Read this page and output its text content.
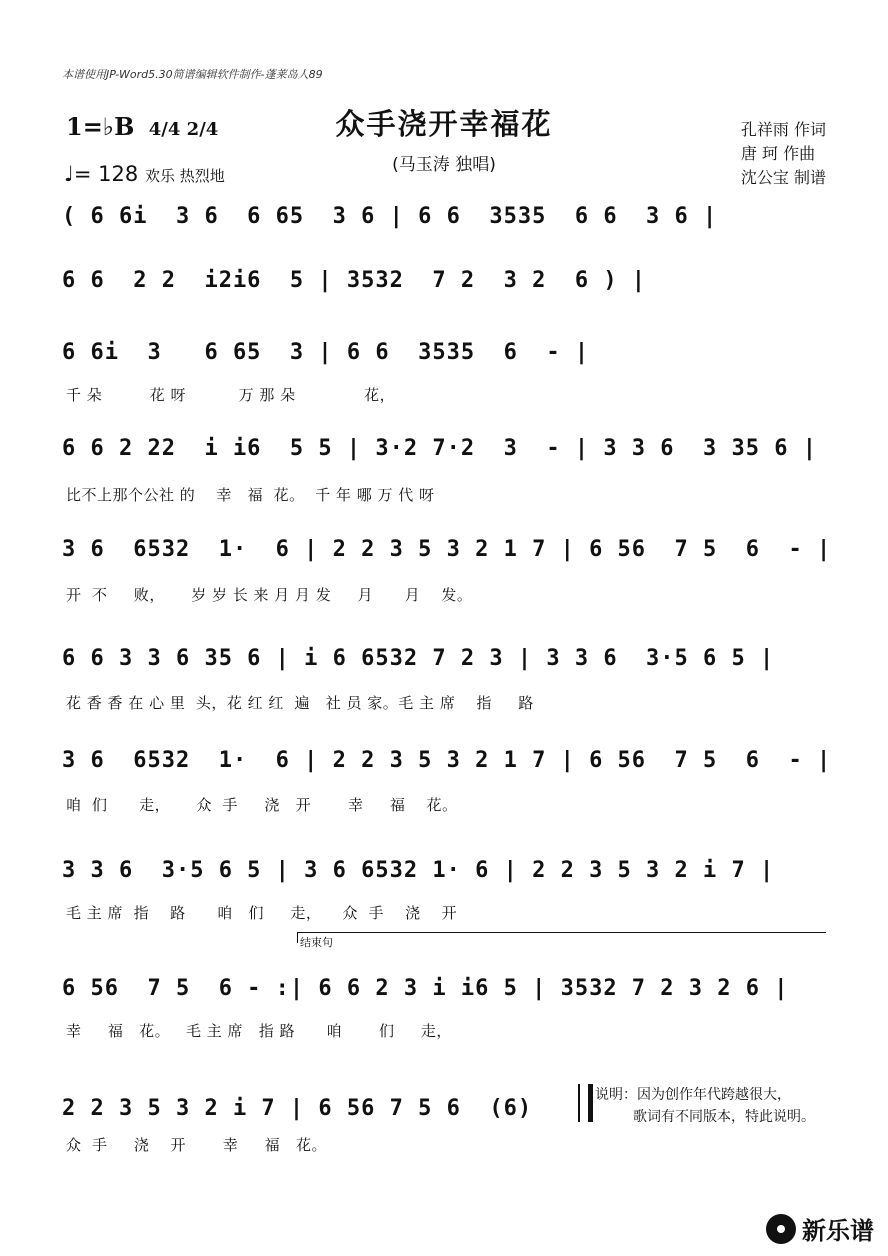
本谱使用JP-Word5.30简谱编辑软件制作-蓬莱岛人89
众手浇开幸福花
(马玉涛 独唱)
孔祥雨 作词
唐 珂 作曲
沈公宝 制谱
1=♭B 4/4 2/4
♩= 128 欢乐 热烈地
( 6 6i  3 6  6 65  3 6 | 6 6  3535  6 6  3 6 |
6 6  2 2  i2i6  5 | 3532  7 2  3 2  6 ) |
6 6i  3   6 65  3 | 6 6  3535  6  - |
千 朵         花 呀          万 那 朵             花，
6 6 2 22  i i6  5 5 | 3·2 7·2  3  - | 3 3 6  3 35 6 |
比不上那个公社 的    幸   福  花。  千 年 哪 万 代 呀
3 6  6532  1·  6 | 2 2 3 5 3 2 1 7 | 6 56  7 5  6  - |
开  不     败，     岁 岁 长 来 月 月 发     月      月    发。
6 6 3 3 6 35 6 | i 6 6532 7 2 3 | 3 3 6  3·5 6 5 |
花 香 香 在 心 里  头，花 红 红  遍   社 员 家。毛 主 席    指     路
3 6  6532  1·  6 | 2 2 3 5 3 2 1 7 | 6 56  7 5  6  - |
咱  们      走，     众  手     浇   开       幸     福    花。
3 3 6  3·5 6 5 | 3 6 6532 1· 6 | 2 2 3 5 3 2 i 7 |
毛 主 席  指    路      咱   们     走，    众  手    浇    开
结束句
6 56  7 5  6 - :| 6 6 2 3 i i6 5 | 3532 7 2 3 2 6 |
幸     福   花。   毛 主 席   指 路      咱       们     走，
2 2 3 5 3 2 i 7 | 6 56 7 5 6  (6)
众  手     浇    开       幸     福   花。
说明：因为创作年代跨越很大，
歌词有不同版本，特此说明。
新乐谱
